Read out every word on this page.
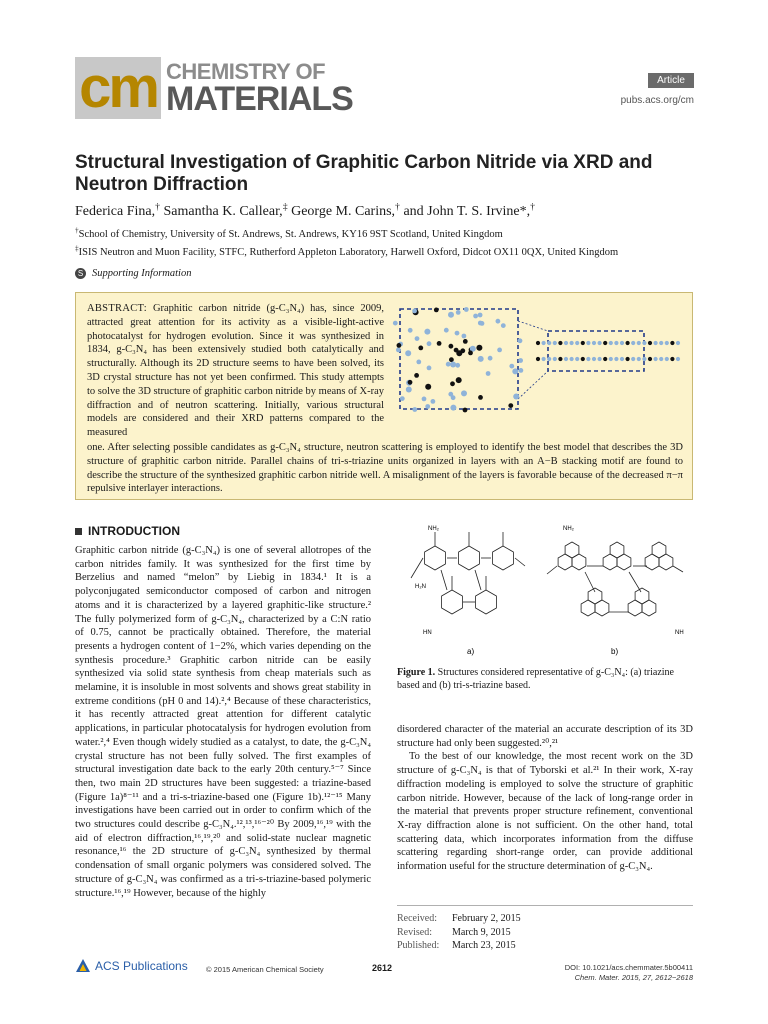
cm CHEMISTRY OF
MATERIALS	Article
pubs.acs.org/cm
Structural Investigation of Graphitic Carbon Nitride via XRD and Neutron Diffraction
Federica Fina,† Samantha K. Callear,‡ George M. Carins,† and John T. S. Irvine*,†
†School of Chemistry, University of St. Andrews, St. Andrews, KY16 9ST Scotland, United Kingdom
‡ISIS Neutron and Muon Facility, STFC, Rutherford Appleton Laboratory, Harwell Oxford, Didcot OX11 0QX, United Kingdom
S Supporting Information
ABSTRACT: Graphitic carbon nitride (g-C₃N₄) has, since 2009, attracted great attention for its activity as a visible-light-active photocatalyst for hydrogen evolution. Since it was synthesized in 1834, g-C₃N₄ has been extensively studied both catalytically and structurally. Although its 2D structure seems to have been solved, its 3D crystal structure has not yet been confirmed. This study attempts to solve the 3D structure of graphitic carbon nitride by means of X-ray diffraction and of neutron scattering. Initially, various structural models are considered and their XRD patterns compared to the measured
one. After selecting possible candidates as g-C₃N₄ structure, neutron scattering is employed to identify the best model that describes the 3D structure of graphitic carbon nitride. Parallel chains of tri-s-triazine units organized in layers with an A−B stacking motif are found to describe the structure of the synthesized graphitic carbon nitride well. A misalignment of the layers is favorable because of the decreased π−π repulsive interlayer interactions.
INTRODUCTION
Graphitic carbon nitride (g-C₃N₄) is one of several allotropes of the carbon nitrides family. It was synthesized for the first time by Berzelius and named “melon” by Liebig in 1834.¹ It is a polyconjugated semiconductor composed of carbon and nitrogen atoms and it is characterized by a layered graphitic-like structure.² The fully polymerized form of g-C₃N₄, characterized by a C:N ratio of 0.75, cannot be practically obtained. Therefore, the material presents a hydrogen content of 1−2%, which varies depending on the synthesis procedure.³ Graphitic carbon nitride can be easily synthesized via solid state synthesis from cheap materials such as melamine, it is insoluble in most solvents and shows great stability in extreme conditions (pH 0 and 14).²,⁴ Because of these characteristics, it has recently attracted great attention for different catalytic applications, in particular photocatalysis for hydrogen evolution from water.²,⁴ Even though widely studied as a catalyst, to date, the g-C₃N₄ crystal structure has not been fully solved. The first examples of structural investigation date back to the early 20th century.⁵⁻⁷ Since then, two main 2D structures have been suggested: a triazine-based (Figure 1a)⁸⁻¹¹ and a tri-s-triazine-based one (Figure 1b).¹²⁻¹⁵ Many investigations have been carried out in order to confirm which of the two structures could describe g-C₃N₄.¹²,¹³,¹⁶⁻²⁰ By 2009,¹⁶,¹⁹ with the aid of electron diffraction,¹⁶,¹⁹,²⁰ and solid-state nuclear magnetic resonance,¹⁶ the 2D structure of g-C₃N₄ synthesized by thermal condensation of small organic polymers was considered solved. The structure of g-C₃N₄ was confirmed as a tri-s-triazine-based polymeric structure.¹⁶,¹⁹ However, because of the highly
H₂N
NH₂	NH₂
HN	NH
a)	b)
Figure 1. Structures considered representative of g-C₃N₄: (a) triazine based and (b) tri-s-triazine based.
disordered character of the material an accurate description of its 3D structure had only been suggested.²⁰,²¹
To the best of our knowledge, the most recent work on the 3D structure of g-C₃N₄ is that of Tyborski et al.²¹ In their work, X-ray diffraction modeling is employed to solve the structure of graphitic carbon nitride. However, because of the lack of long-range order in the material that prevents proper structure refinement, conventional X-ray diffraction alone is not sufficient. On the other hand, total scattering data, which incorporates information from the diffuse scattering regarding short-range order, can provide additional information useful for the structure determination of g-C₃N₄.
Received:	February 2, 2015
Revised:	March 9, 2015
Published:	March 23, 2015
ACS Publications © 2015 American Chemical Society	2612	DOI: 10.1021/acs.chemmater.5b00411
Chem. Mater. 2015, 27, 2612−2618
